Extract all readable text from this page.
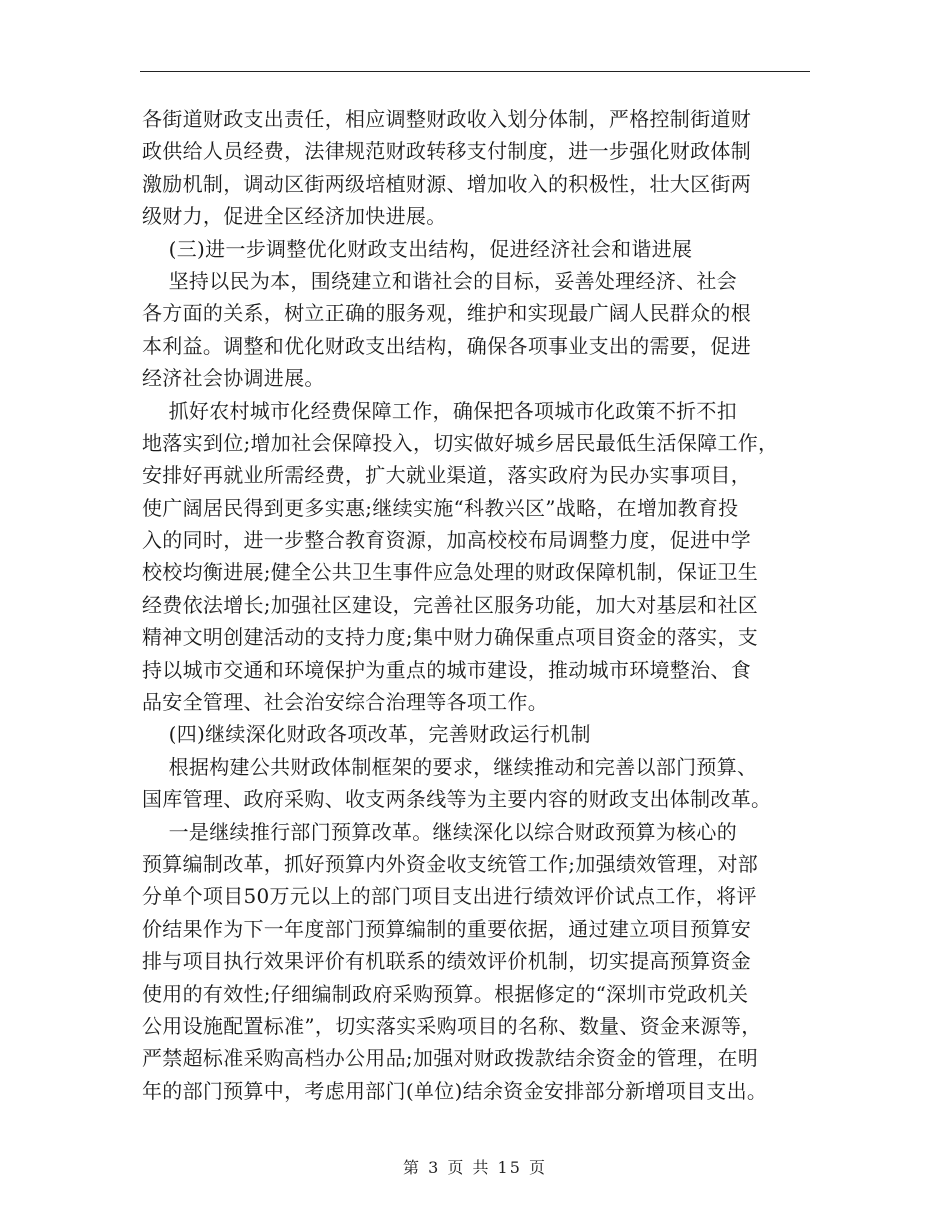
各街道财政支出责任，相应调整财政收入划分体制，严格控制街道财
政供给人员经费，法律规范财政转移支付制度，进一步强化财政体制
激励机制，调动区街两级培植财源、增加收入的积极性，壮大区街两
级财力，促进全区经济加快进展。
(三)进一步调整优化财政支出结构，促进经济社会和谐进展
坚持以民为本，围绕建立和谐社会的目标，妥善处理经济、社会
各方面的关系，树立正确的服务观，维护和实现最广阔人民群众的根
本利益。调整和优化财政支出结构，确保各项事业支出的需要，促进
经济社会协调进展。
抓好农村城市化经费保障工作，确保把各项城市化政策不折不扣
地落实到位;增加社会保障投入，切实做好城乡居民最低生活保障工作，
安排好再就业所需经费，扩大就业渠道，落实政府为民办实事项目，
使广阔居民得到更多实惠;继续实施“科教兴区”战略，在增加教育投
入的同时，进一步整合教育资源，加高校校布局调整力度，促进中学
校校均衡进展;健全公共卫生事件应急处理的财政保障机制，保证卫生
经费依法增长;加强社区建设，完善社区服务功能，加大对基层和社区
精神文明创建活动的支持力度;集中财力确保重点项目资金的落实，支
持以城市交通和环境保护为重点的城市建设，推动城市环境整治、食
品安全管理、社会治安综合治理等各项工作。
(四)继续深化财政各项改革，完善财政运行机制
根据构建公共财政体制框架的要求，继续推动和完善以部门预算、
国库管理、政府采购、收支两条线等为主要内容的财政支出体制改革。
一是继续推行部门预算改革。继续深化以综合财政预算为核心的
预算编制改革，抓好预算内外资金收支统管工作;加强绩效管理，对部
分单个项目50万元以上的部门项目支出进行绩效评价试点工作，将评
价结果作为下一年度部门预算编制的重要依据，通过建立项目预算安
排与项目执行效果评价有机联系的绩效评价机制，切实提高预算资金
使用的有效性;仔细编制政府采购预算。根据修定的“深圳市党政机关
公用设施配置标准”，切实落实采购项目的名称、数量、资金来源等，
严禁超标准采购高档办公用品;加强对财政拨款结余资金的管理，在明
年的部门预算中，考虑用部门(单位)结余资金安排部分新增项目支出。
第 3 页 共 15 页
